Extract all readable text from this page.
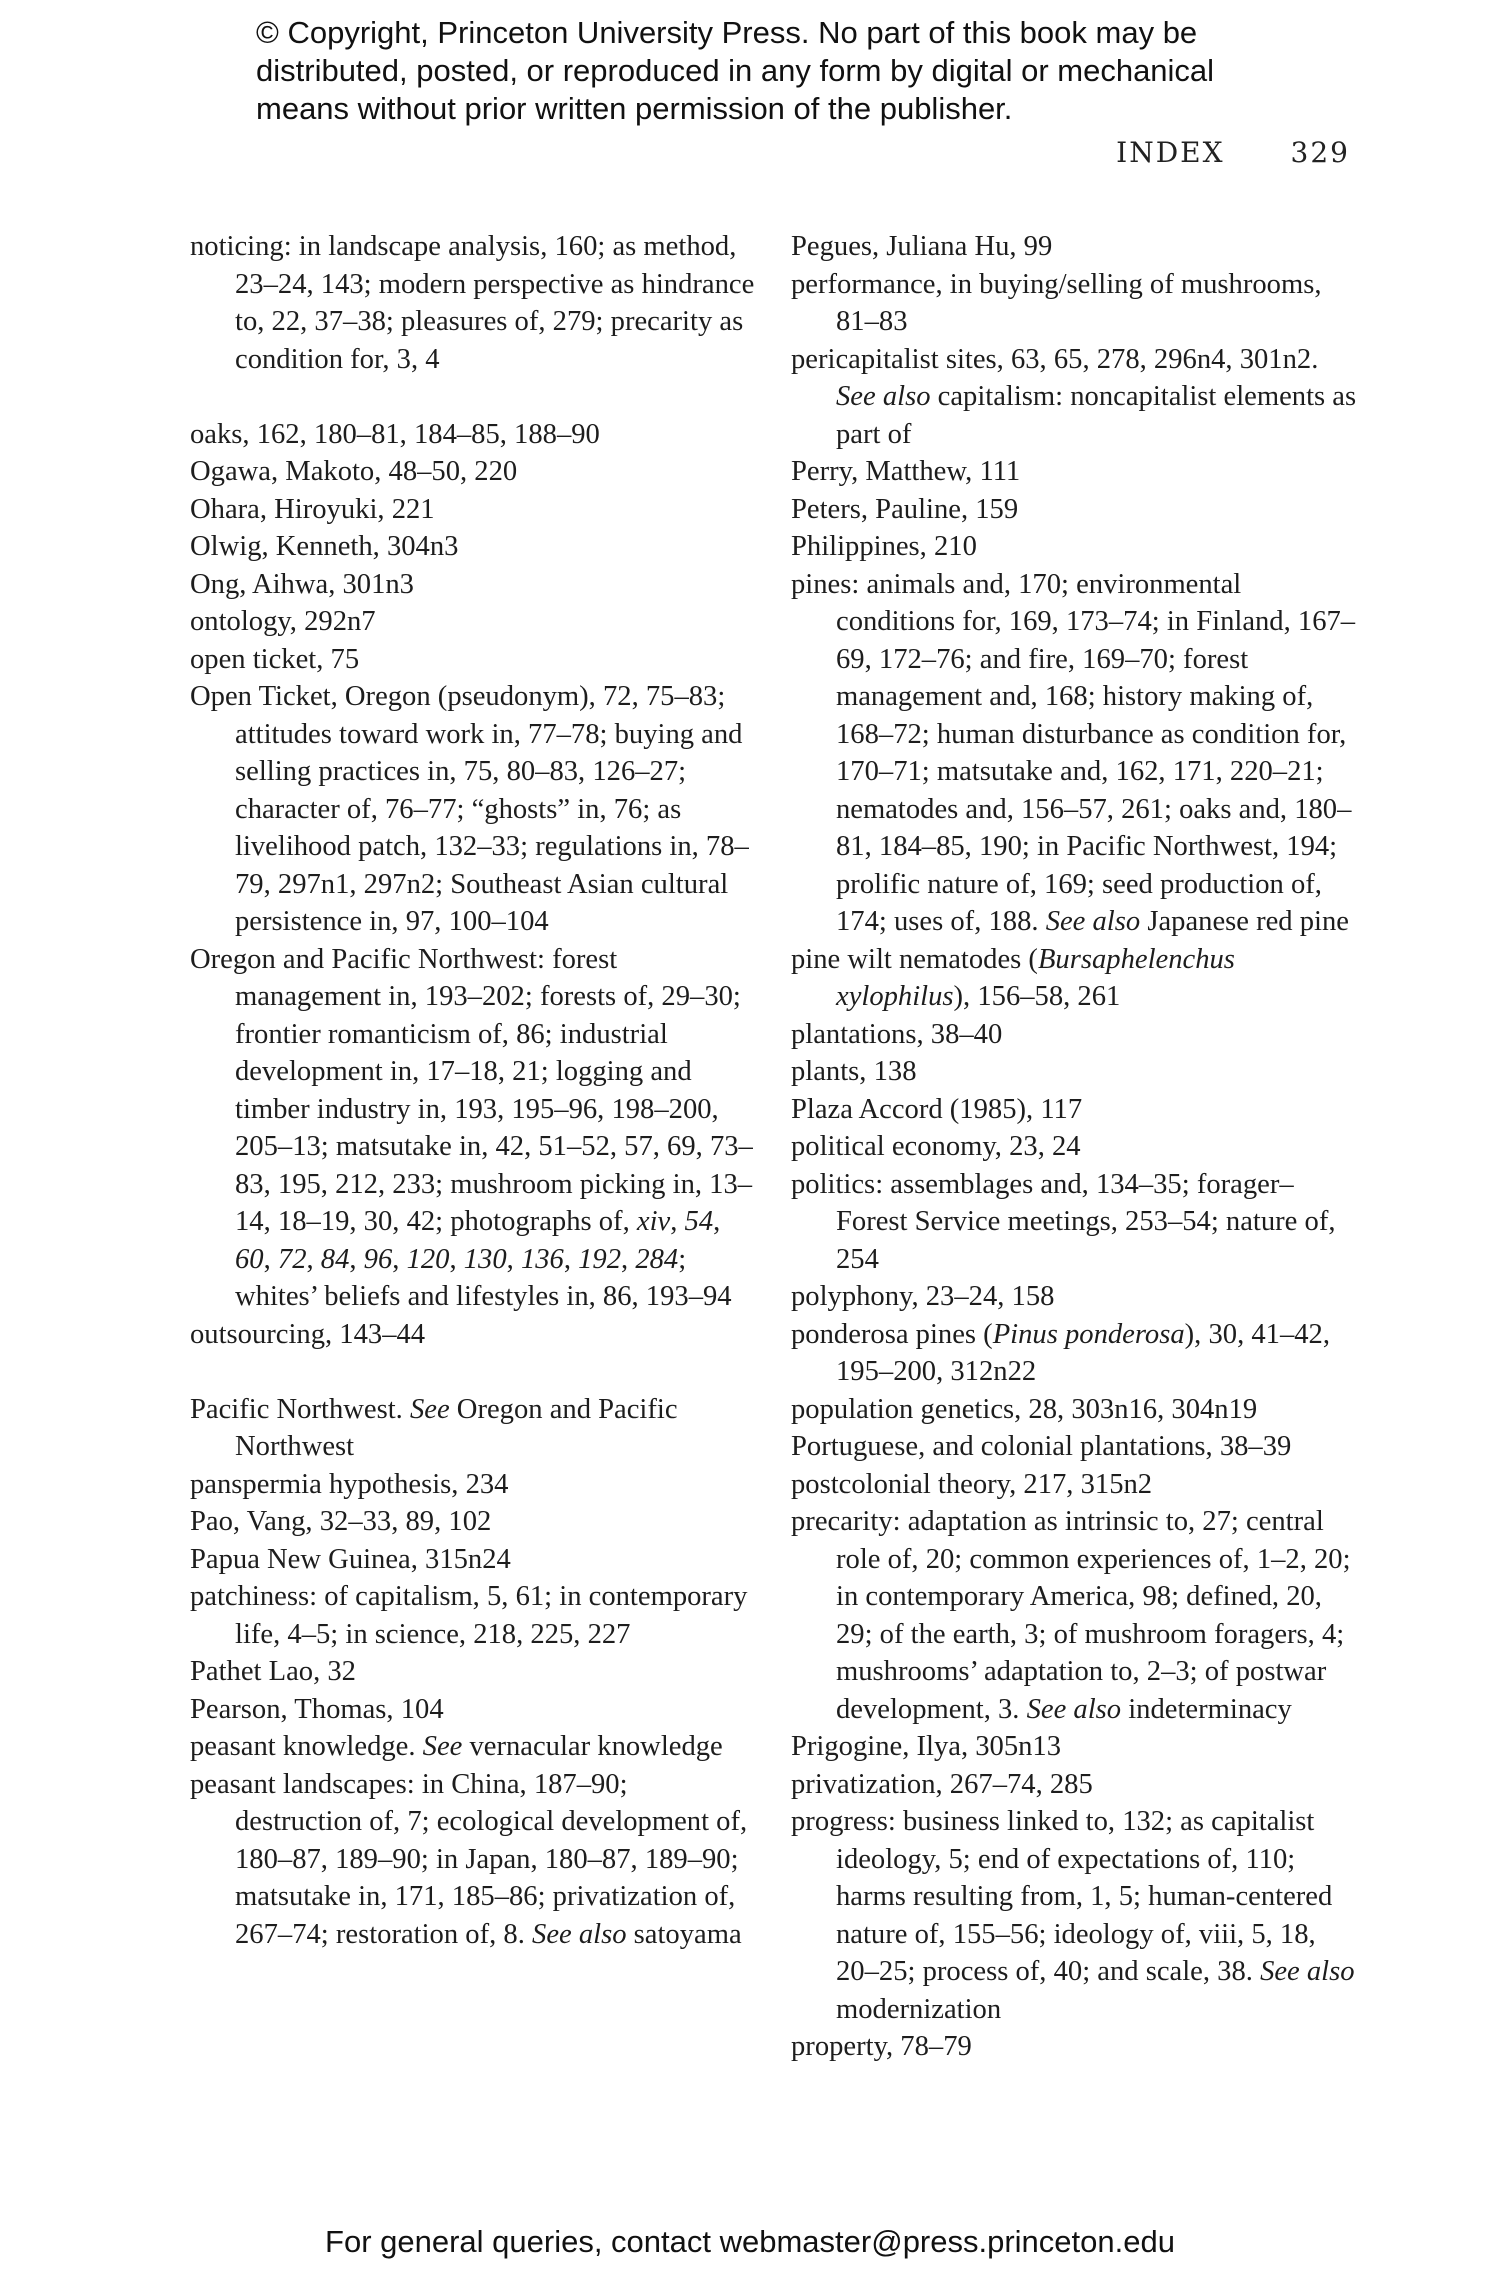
© Copyright, Princeton University Press. No part of this book may be
distributed, posted, or reproduced in any form by digital or mechanical
means without prior written permission of the publisher.
INDEX 329
noticing: in landscape analysis, 160; as method, 23–24, 143; modern perspective as hindrance to, 22, 37–38; pleasures of, 279; precarity as condition for, 3, 4
oaks, 162, 180–81, 184–85, 188–90
Ogawa, Makoto, 48–50, 220
Ohara, Hiroyuki, 221
Olwig, Kenneth, 304n3
Ong, Aihwa, 301n3
ontology, 292n7
open ticket, 75
Open Ticket, Oregon (pseudonym), 72, 75–83; attitudes toward work in, 77–78; buying and selling practices in, 75, 80–83, 126–27; character of, 76–77; “ghosts” in, 76; as livelihood patch, 132–33; regulations in, 78–79, 297n1, 297n2; Southeast Asian cultural persistence in, 97, 100–104
Oregon and Pacific Northwest: forest management in, 193–202; forests of, 29–30; frontier romanticism of, 86; industrial development in, 17–18, 21; logging and timber industry in, 193, 195–96, 198–200, 205–13; matsutake in, 42, 51–52, 57, 69, 73–83, 195, 212, 233; mushroom picking in, 13–14, 18–19, 30, 42; photographs of, xiv, 54, 60, 72, 84, 96, 120, 130, 136, 192, 284; whites’ beliefs and lifestyles in, 86, 193–94
outsourcing, 143–44
Pacific Northwest. See Oregon and Pacific Northwest
panspermia hypothesis, 234
Pao, Vang, 32–33, 89, 102
Papua New Guinea, 315n24
patchiness: of capitalism, 5, 61; in contemporary life, 4–5; in science, 218, 225, 227
Pathet Lao, 32
Pearson, Thomas, 104
peasant knowledge. See vernacular knowledge
peasant landscapes: in China, 187–90; destruction of, 7; ecological development of, 180–87, 189–90; in Japan, 180–87, 189–90; matsutake in, 171, 185–86; privatization of, 267–74; restoration of, 8. See also satoyama
Pegues, Juliana Hu, 99
performance, in buying/selling of mushrooms, 81–83
pericapitalist sites, 63, 65, 278, 296n4, 301n2. See also capitalism: noncapitalist elements as part of
Perry, Matthew, 111
Peters, Pauline, 159
Philippines, 210
pines: animals and, 170; environmental conditions for, 169, 173–74; in Finland, 167–69, 172–76; and fire, 169–70; forest management and, 168; history making of, 168–72; human disturbance as condition for, 170–71; matsutake and, 162, 171, 220–21; nematodes and, 156–57, 261; oaks and, 180–81, 184–85, 190; in Pacific Northwest, 194; prolific nature of, 169; seed production of, 174; uses of, 188. See also Japanese red pine
pine wilt nematodes (Bursaphelenchus xylophilus), 156–58, 261
plantations, 38–40
plants, 138
Plaza Accord (1985), 117
political economy, 23, 24
politics: assemblages and, 134–35; forager–Forest Service meetings, 253–54; nature of, 254
polyphony, 23–24, 158
ponderosa pines (Pinus ponderosa), 30, 41–42, 195–200, 312n22
population genetics, 28, 303n16, 304n19
Portuguese, and colonial plantations, 38–39
postcolonial theory, 217, 315n2
precarity: adaptation as intrinsic to, 27; central role of, 20; common experiences of, 1–2, 20; in contemporary America, 98; defined, 20, 29; of the earth, 3; of mushroom foragers, 4; mushrooms’ adaptation to, 2–3; of postwar development, 3. See also indeterminacy
Prigogine, Ilya, 305n13
privatization, 267–74, 285
progress: business linked to, 132; as capitalist ideology, 5; end of expectations of, 110; harms resulting from, 1, 5; human-centered nature of, 155–56; ideology of, viii, 5, 18, 20–25; process of, 40; and scale, 38. See also modernization
property, 78–79
For general queries, contact webmaster@press.princeton.edu
